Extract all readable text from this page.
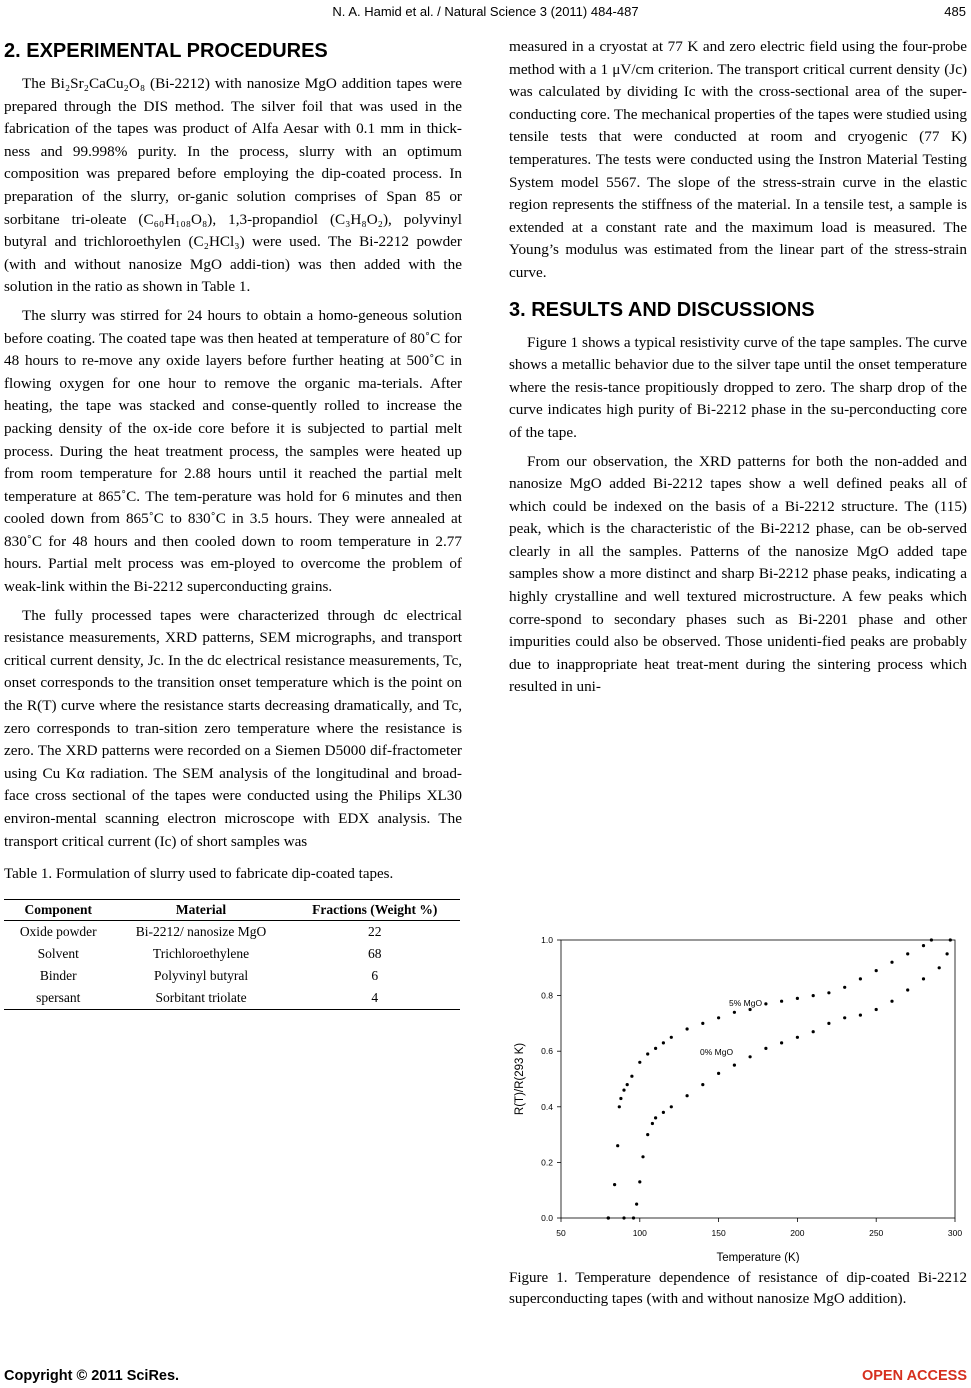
N. A. Hamid et al. / Natural Science 3 (2011) 484-487	485
2. EXPERIMENTAL PROCEDURES

The Bi₂Sr₂CaCu₂O₈ (Bi-2212) with nanosize MgO addition tapes were prepared through the DIS method. The silver foil that was used in the fabrication of the tapes was product of Alfa Aesar with 0.1 mm in thick-ness and 99.998% purity. In the process, slurry with an optimum composition was prepared before employing the dip-coated process. In preparation of the slurry, or-ganic solution comprises of Span 85 or sorbitane tri-oleate (C₆₀H₁₀₈O₈), 1,3-propandiol (C₃H₈O₂), polyvinyl butyral and trichloroethylen (C₂HCl₃) were used. The Bi-2212 powder (with and without nanosize MgO addi-tion) was then added with the solution in the ratio as shown in Table 1.

The slurry was stirred for 24 hours to obtain a homo-geneous solution before coating. The coated tape was then heated at temperature of 80˚C for 48 hours to re-move any oxide layers before further heating at 500˚C in flowing oxygen for one hour to remove the organic ma-terials. After heating, the tape was stacked and conse-quently rolled to increase the packing density of the ox-ide core before it is subjected to partial melt process. During the heat treatment process, the samples were heated up from room temperature for 2.88 hours until it reached the partial melt temperature at 865˚C. The tem-perature was hold for 6 minutes and then cooled down from 865˚C to 830˚C in 3.5 hours. They were annealed at 830˚C for 48 hours and then cooled down to room temperature in 2.77 hours. Partial melt process was em-ployed to overcome the problem of weak-link within the Bi-2212 superconducting grains.

The fully processed tapes were characterized through dc electrical resistance measurements, XRD patterns, SEM micrographs, and transport critical current density, Jc. In the dc electrical resistance measurements, Tc, onset corresponds to the transition onset temperature which is the point on the R(T) curve where the resistance starts decreasing dramatically, and Tc, zero corresponds to tran-sition zero temperature where the resistance is zero. The XRD patterns were recorded on a Siemen D5000 dif-fractometer using Cu Kα radiation. The SEM analysis of the longitudinal and broad-face cross sectional of the tapes were conducted using the Philips XL30 environ-mental scanning electron microscope with EDX analysis. The transport critical current (Ic) of short samples was

Table 1. Formulation of slurry used to fabricate dip-coated tapes.
Component	Material	Fractions (Weight %)
Oxide powder	Bi-2212/ nanosize MgO	22
Solvent	Trichloroethylene	68
Binder	Polyvinyl butyral	6
spersant	Sorbitant triolate	4

measured in a cryostat at 77 K and zero electric field using the four-probe method with a 1 μV/cm criterion. The transport critical current density (Jc) was calculated by dividing Ic with the cross-sectional area of the super-conducting core. The mechanical properties of the tapes were studied using tensile tests that were conducted at room and cryogenic (77 K) temperatures. The tests were conducted using the Instron Material Testing System model 5567. The slope of the stress-strain curve in the elastic region represents the stiffness of the material. In a tensile test, a sample is extended at a constant rate and the maximum load is measured. The Young’s modulus was estimated from the linear part of the stress-strain curve.

3. RESULTS AND DISCUSSIONS

Figure 1 shows a typical resistivity curve of the tape samples. The curve shows a metallic behavior due to the silver tape until the onset temperature where the resis-tance propitiously dropped to zero. The sharp drop of the curve indicates high purity of Bi-2212 phase in the su-perconducting core of the tape.

From our observation, the XRD patterns for both the non-added and nanosize MgO added Bi-2212 tapes show a well defined peaks all of which could be indexed on the basis of a Bi-2212 structure. The (115) peak, which is the characteristic of the Bi-2212 phase, can be ob-served clearly in all the samples. Patterns of the nanosize MgO added tape samples show a more distinct and sharp Bi-2212 phase peaks, indicating a highly crystalline and well textured microstructure. A few peaks which corre-spond to secondary phases such as Bi-2201 phase and other impurities could also be observed. Those unidenti-fied peaks are probably due to inappropriate heat treat-ment during the sintering process which resulted in uni-

0.0
0.2
0.4
0.6
0.8
1.0
50	100	150	200	250	300
Temperature (K)
R(T)/R(293 K)
5% MgO
0% MgO

Figure 1. Temperature dependence of resistance of dip-coated Bi-2212 superconducting tapes (with and without nanosize MgO addition).

Copyright © 2011 SciRes.	OPEN ACCESS
